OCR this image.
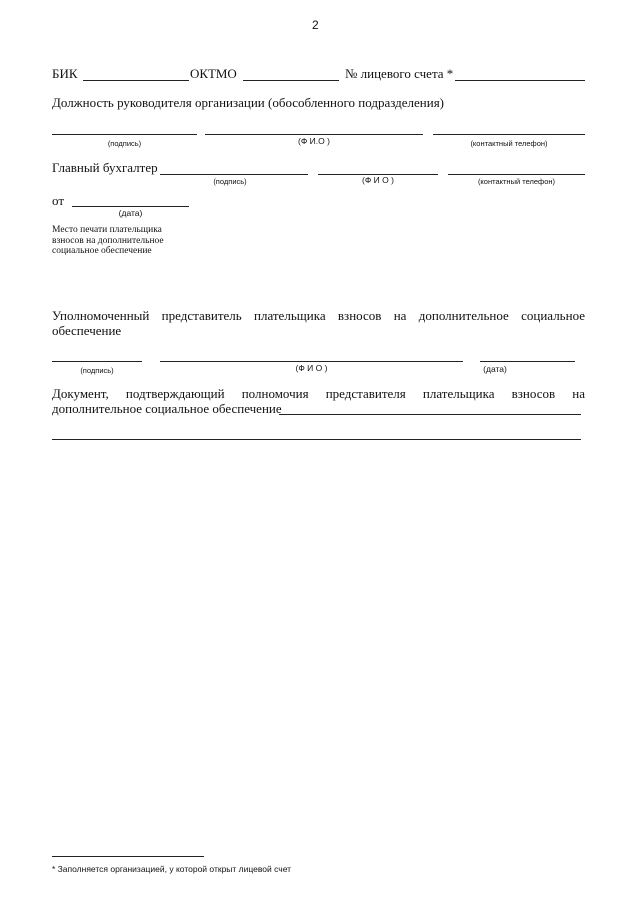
2
БИК	ОКТМО	№ лицевого счета *
Должность руководителя организации (обособленного подразделения)
(подпись)	(Ф И.О )	(контактный телефон)
Главный бухгалтер
(подпись)	(Ф И О )	(контактный телефон)
от
(дата)
Место печати плательщика взносов на дополнительное социальное обеспечение
Уполномоченный представитель плательщика взносов на дополнительное социальное
обеспечение
(подпись)	(Ф И О )	(дата)
Документ, подтверждающий полномочия представителя плательщика взносов на
дополнительное социальное обеспечение
* Заполняется организацией, у которой открыт лицевой счет
